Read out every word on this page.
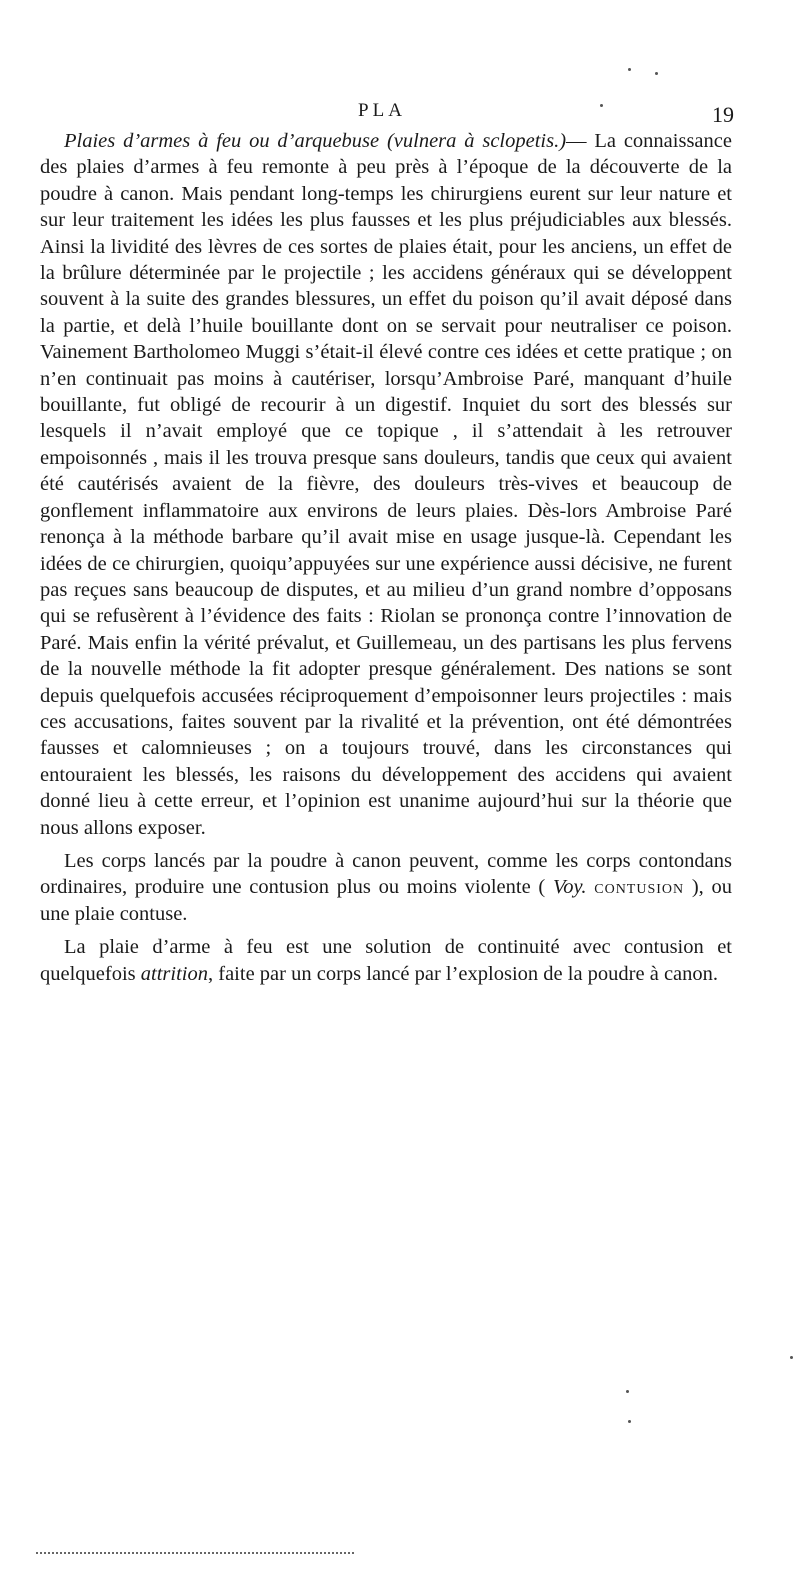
PLA	19

Plaies d’armes à feu ou d’arquebuse (vulnera à sclopetis.)— La connaissance des plaies d’armes à feu remonte à peu près à l’époque de la découverte de la poudre à canon. Mais pendant long-temps les chirurgiens eurent sur leur nature et sur leur traitement les idées les plus fausses et les plus préjudiciables aux blessés. Ainsi la lividité des lèvres de ces sortes de plaies était, pour les anciens, un effet de la brûlure déterminée par le projectile ; les accidens généraux qui se développent souvent à la suite des grandes blessures, un effet du poison qu’il avait déposé dans la partie, et delà l’huile bouillante dont on se servait pour neutraliser ce poison. Vainement Bartholomeo Muggi s’était-il élevé contre ces idées et cette pratique ; on n’en continuait pas moins à cautériser, lorsqu’Ambroise Paré, manquant d’huile bouillante, fut obligé de recourir à un digestif. Inquiet du sort des blessés sur lesquels il n’avait employé que ce topique , il s’attendait à les retrouver empoisonnés , mais il les trouva presque sans douleurs, tandis que ceux qui avaient été cautérisés avaient de la fièvre, des douleurs très-vives et beaucoup de gonflement inflammatoire aux environs de leurs plaies. Dès-lors Ambroise Paré renonça à la méthode barbare qu’il avait mise en usage jusque-là. Cependant les idées de ce chirurgien, quoiqu’appuyées sur une expérience aussi décisive, ne furent pas reçues sans beaucoup de disputes, et au milieu d’un grand nombre d’opposans qui se refusèrent à l’évidence des faits : Riolan se prononça contre l’innovation de Paré. Mais enfin la vérité prévalut, et Guillemeau, un des partisans les plus fervens de la nouvelle méthode la fit adopter presque généralement. Des nations se sont depuis quelquefois accusées réciproquement d’empoisonner leurs projectiles : mais ces accusations, faites souvent par la rivalité et la prévention, ont été démontrées fausses et calomnieuses ; on a toujours trouvé, dans les circonstances qui entouraient les blessés, les raisons du développement des accidens qui avaient donné lieu à cette erreur, et l’opinion est unanime aujourd’hui sur la théorie que nous allons exposer.

Les corps lancés par la poudre à canon peuvent, comme les corps contondans ordinaires, produire une contusion plus ou moins violente ( Voy. contusion ), ou une plaie contuse.

La plaie d’arme à feu est une solution de continuité avec contusion et quelquefois attrition, faite par un corps lancé par l’explosion de la poudre à canon.
